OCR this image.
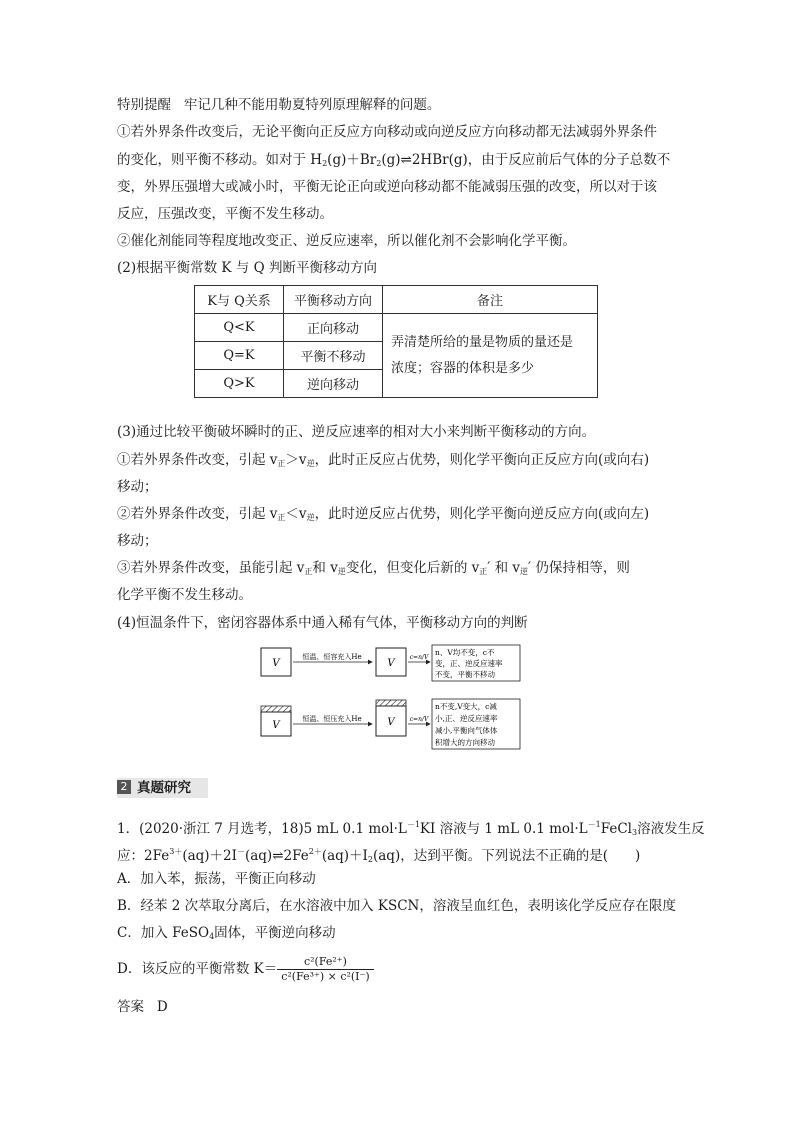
特别提醒 牢记几种不能用勒夏特列原理解释的问题。
①若外界条件改变后，无论平衡向正反应方向移动或向逆反应方向移动都无法减弱外界条件
的变化，则平衡不移动。如对于 $H_2(g)+Br_2(g)\rightleftharpoons 2HBr(g)$，由于反应前后气体的分子总数不
变，外界压强增大或减小时，平衡无论正向或逆向移动都不能减弱压强的改变，所以对于该
反应，压强改变，平衡不发生移动。
②催化剂能同等程度地改变正、逆反应速率，所以催化剂不会影响化学平衡。
(2)根据平衡常数 K 与 Q 判断平衡移动方向
K与 Q关系	平衡移动方向	备注
Q<K	正向移动	弄清楚所给的量是物质的量还是
浓度；容器的体积是多少

Q=K	平衡不移动	
Q>K	逆向移动	
(3)通过比较平衡破坏瞬时的正、逆反应速率的相对大小来判断平衡移动的方向。
①若外界条件改变，引起 $v_正>v_逆$，此时正反应占优势，则化学平衡向正反应方向(或向右)
移动；
②若外界条件改变，引起 $v_正<v_逆$，此时逆反应占优势，则化学平衡向逆反应方向(或向左)
移动；
③若外界条件改变，虽能引起 $v_正$和 $v_逆$变化，但变化后新的 $v_正'$ 和 $v_逆'$ 仍保持相等，则
化学平衡不发生移动。
(4)恒温条件下，密闭容器体系中通入稀有气体，平衡移动方向的判断
V
恒温、恒容充入He
V
c=n/V
n、V均不变，c不
变，正、逆反应速率
不变，平衡不移动
V
恒温、恒压充入He	V	c=n/V
n不变,V变大，c减
小,正、逆反应速率
减小,平衡向气体体
积增大的方向移动
2 真题研究
1．(2020·浙江 7 月选考，18)5 mL 0.1 $mol\cdot L^{-1}KI$ 溶液与 1 mL 0.1 $mol\cdot L^{-1}FeCl_3$溶液发生反
应：$2Fe^{3+}(aq)+2I^-(aq)\rightleftharpoons 2Fe^{2+}(aq)+I_2(aq)$，达到平衡。下列说法不正确的是(　　)
A．加入苯，振荡，平衡正向移动
B．经苯 2 次萃取分离后，在水溶液中加入 KSCN，溶液呈血红色，表明该化学反应存在限度
C．加入 FeSO$_4$固体，平衡逆向移动
D．该反应的平衡常数 $K= \frac{\text{c²(Fe²⁺)}}{\text{c²(Fe³⁺) × c²(I⁻)}}$
答案 D
